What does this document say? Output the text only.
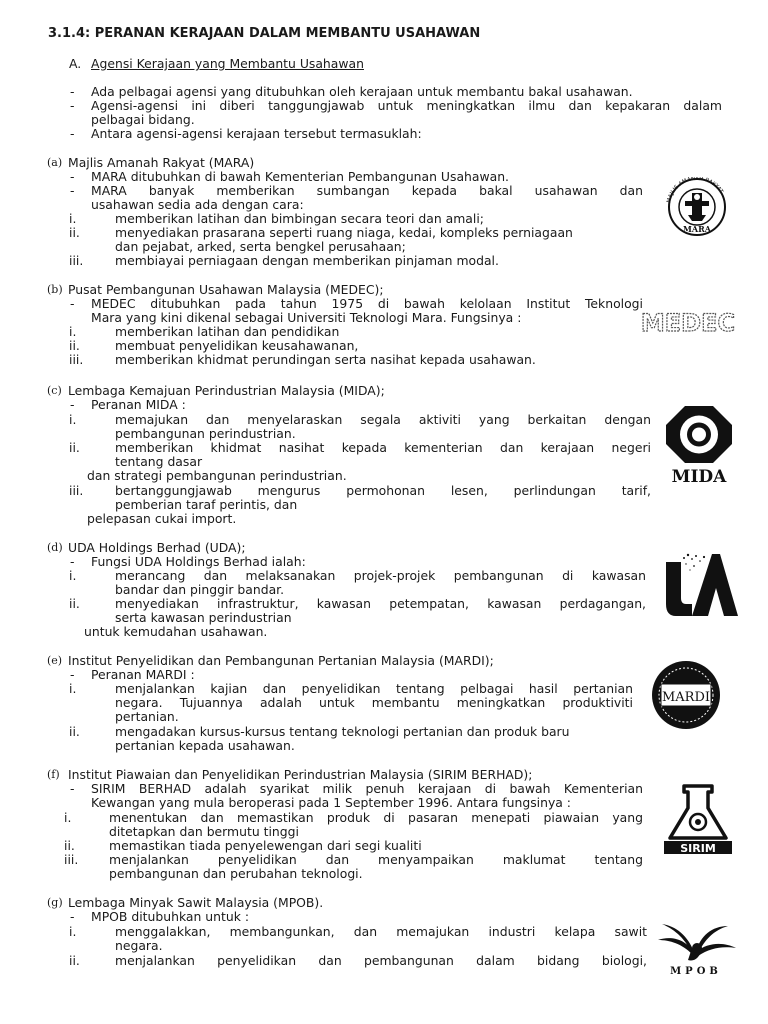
3.1.4: PERANAN KERAJAAN DALAM MEMBANTU USAHAWAN
A. Agensi Kerajaan yang Membantu Usahawan
- Ada pelbagai agensi yang ditubuhkan oleh kerajaan untuk membantu bakal usahawan.
- Agensi-agensi ini diberi tanggungjawab untuk meningkatkan ilmu dan kepakaran dalam
pelbagai bidang.
- Antara agensi-agensi kerajaan tersebut termasuklah:
(a) Majlis Amanah Rakyat (MARA)
- MARA ditubuhkan di bawah Kementerian Pembangunan Usahawan.
- MARA banyak memberikan sumbangan kepada bakal usahawan dan
usahawan sedia ada dengan cara:
i.	memberikan latihan dan bimbingan secara teori dan amali;
ii.	menyediakan prasarana seperti ruang niaga, kedai, kompleks perniagaan
dan pejabat, arked, serta bengkel perusahaan;
iii.	membiayai perniagaan dengan memberikan pinjaman modal.
MAJLIS AMANAH RAKYAT
MARA
(b) Pusat Pembangunan Usahawan Malaysia (MEDEC);
- MEDEC ditubuhkan pada tahun 1975 di bawah kelolaan Institut Teknologi
Mara yang kini dikenal sebagai Universiti Teknologi Mara. Fungsinya :
i.	memberikan latihan dan pendidikan
ii.	membuat penyelidikan keusahawanan,
iii.	memberikan khidmat perundingan serta nasihat kepada usahawan.
MEDEC
(c) Lembaga Kemajuan Perindustrian Malaysia (MIDA);
- Peranan MIDA :
i.	memajukan dan menyelaraskan segala aktiviti yang berkaitan dengan
pembangunan perindustrian.
ii.	memberikan khidmat nasihat kepada kementerian dan kerajaan negeri
tentang dasar
dan strategi pembangunan perindustrian.
iii.	bertanggungjawab mengurus permohonan lesen, perlindungan tarif,
pemberian taraf perintis, dan
pelepasan cukai import.
MIDA
(d) UDA Holdings Berhad (UDA);
- Fungsi UDA Holdings Berhad ialah:
i.	merancang dan melaksanakan projek-projek pembangunan di kawasan
bandar dan pinggir bandar.
ii.	menyediakan infrastruktur, kawasan petempatan, kawasan perdagangan,
serta kawasan perindustrian
untuk kemudahan usahawan.
(e) Institut Penyelidikan dan Pembangunan Pertanian Malaysia (MARDI);
- Peranan MARDI :
i.	menjalankan kajian dan penyelidikan tentang pelbagai hasil pertanian
negara. Tujuannya adalah untuk membantu meningkatkan produktiviti
pertanian.
ii.	mengadakan kursus-kursus tentang teknologi pertanian dan produk baru
pertanian kepada usahawan.
MARDI
(f) Institut Piawaian dan Penyelidikan Perindustrian Malaysia (SIRIM BERHAD);
- SIRIM BERHAD adalah syarikat milik penuh kerajaan di bawah Kementerian
Kewangan yang mula beroperasi pada 1 September 1996. Antara fungsinya :
i.	menentukan dan memastikan produk di pasaran menepati piawaian yang
ditetapkan dan bermutu tinggi
ii.	memastikan tiada penyelewengan dari segi kualiti
iii. menjalankan penyelidikan dan menyampaikan maklumat tentang
pembangunan dan perubahan teknologi.
SIRIM
(g) Lembaga Minyak Sawit Malaysia (MPOB).
- MPOB ditubuhkan untuk :
i.	menggalakkan, membangunkan, dan memajukan industri kelapa sawit
negara.
ii.	menjalankan penyelidikan dan pembangunan dalam bidang biologi,
MPOB
